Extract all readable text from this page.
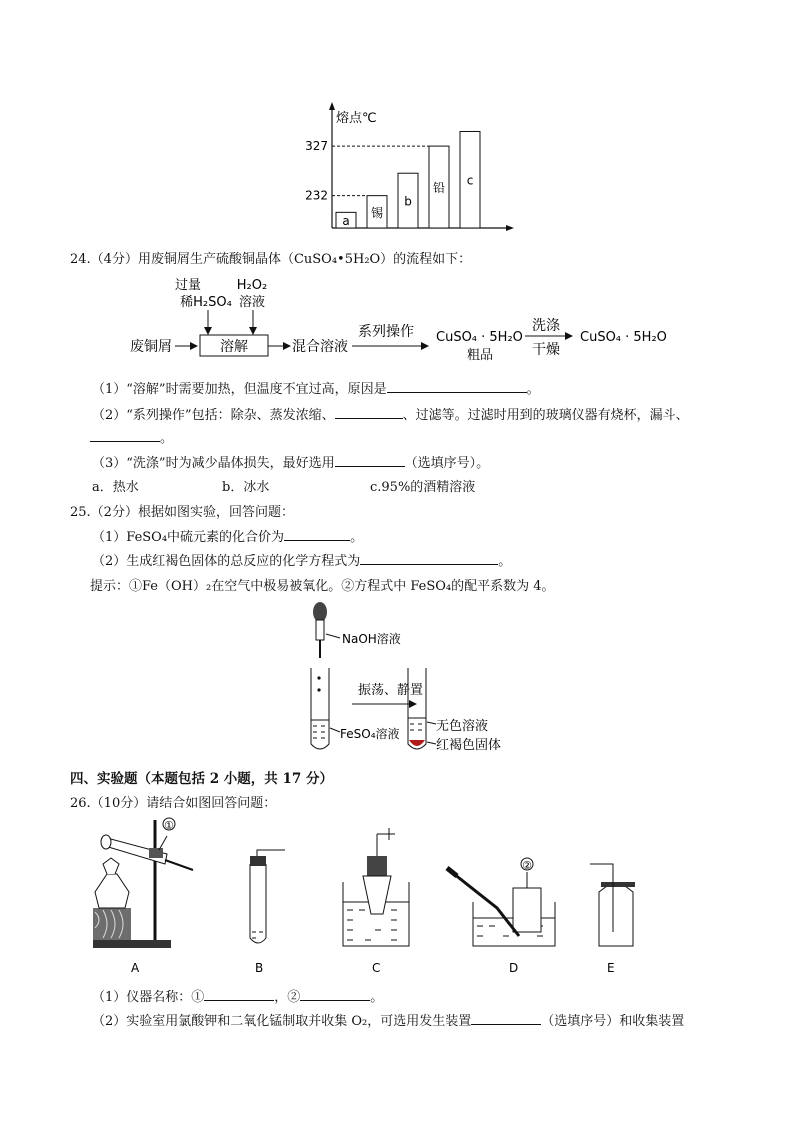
熔点℃
a
锡
b
铅
c
232
327
24.（4分）用废铜屑生产硫酸铜晶体（CuSO₄•5H₂O）的流程如下：
过量
稀H₂SO₄
H₂O₂
溶液
废铜屑	溶解	混合溶液
系列操作 CuSO₄ · 5H₂O
粗品
洗涤
干燥
CuSO₄ · 5H₂O
（1）“溶解”时需要加热，但温度不宜过高，原因是	。
（2）“系列操作”包括：除杂、蒸发浓缩、	、过滤等。过滤时用到的玻璃仪器有烧杯，漏斗、
。
（3）“洗涤”时为减少晶体损失，最好选用	（选填序号）。
a．热水	b．冰水	c.95%的酒精溶液
25.（2分）根据如图实验，回答问题：
（1）FeSO₄中硫元素的化合价为	。
（2）生成红褐色固体的总反应的化学方程式为	。
提示：①Fe（OH）₂在空气中极易被氧化。②方程式中 FeSO₄的配平系数为 4。
NaOH溶液
FeSO₄溶液
振荡、静置
无色溶液
红褐色固体
四、实验题（本题包括 2 小题，共 17 分）
26.（10分）请结合如图回答问题：
①
A	B	C
②
D	E
（1）仪器名称：①	，②	。
（2）实验室用氯酸钾和二氧化锰制取并收集 O₂，可选用发生装置	（选填序号）和收集装置
